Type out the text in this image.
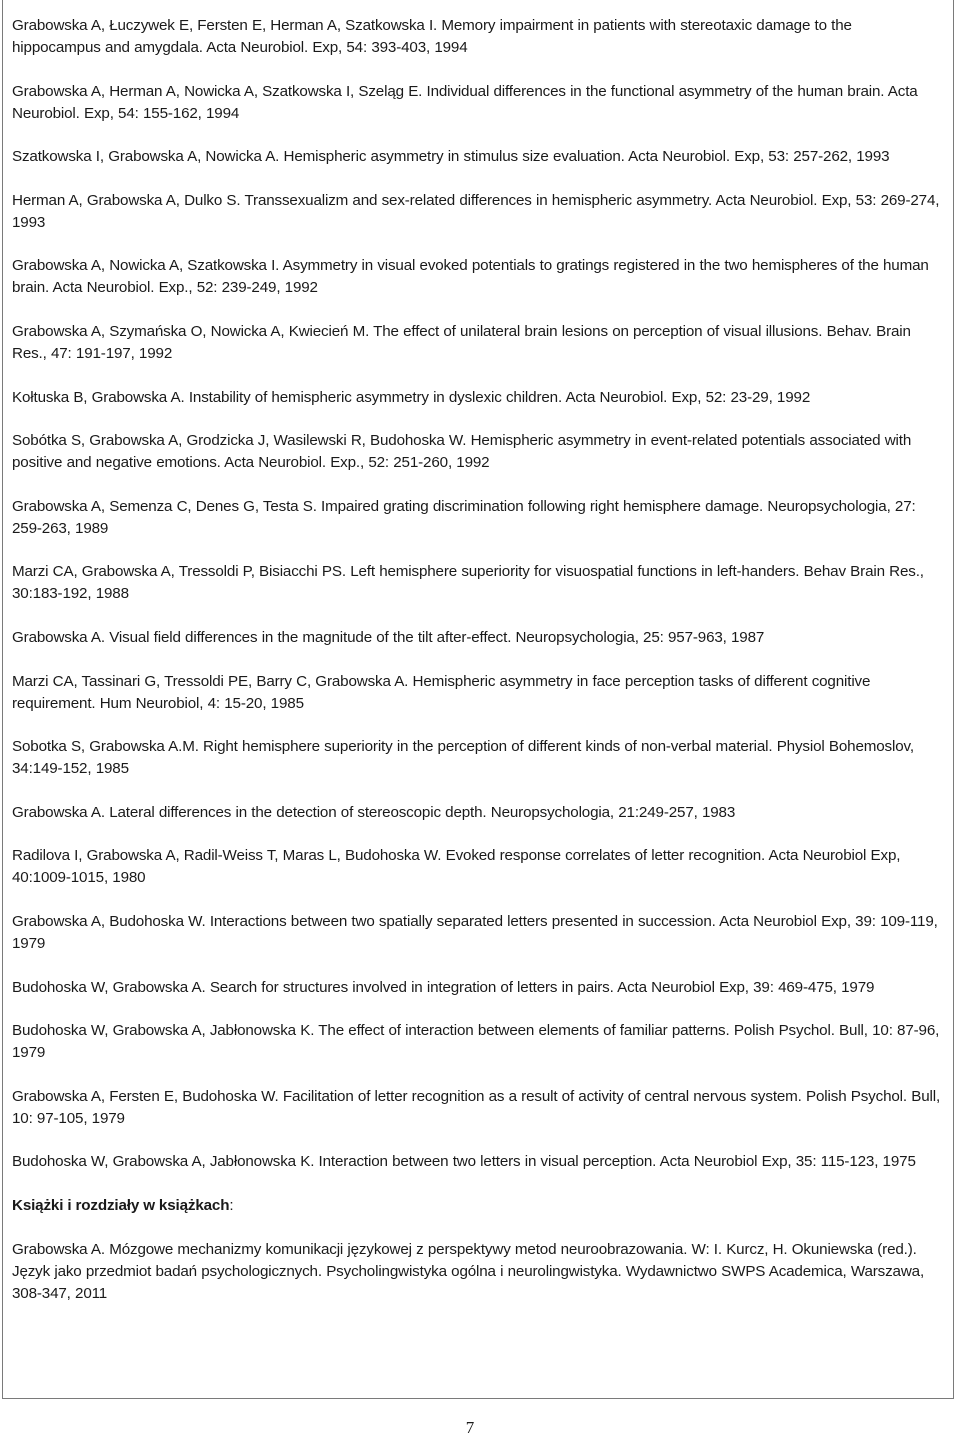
Grabowska A, Łuczywek E, Fersten E, Herman A, Szatkowska I. Memory impairment in patients with stereotaxic damage to the hippocampus and amygdala. Acta Neurobiol. Exp, 54: 393-403, 1994

Grabowska A, Herman A, Nowicka A, Szatkowska I, Szeląg E. Individual differences in the functional asymmetry of the human brain. Acta Neurobiol. Exp, 54: 155-162, 1994

Szatkowska I, Grabowska A, Nowicka A. Hemispheric asymmetry in stimulus size evaluation. Acta Neurobiol. Exp, 53: 257-262, 1993

Herman A, Grabowska A, Dulko S. Transsexualizm and sex-related differences in hemispheric asymmetry. Acta Neurobiol. Exp, 53: 269-274, 1993

Grabowska A, Nowicka A, Szatkowska I. Asymmetry in visual evoked potentials to gratings registered in the two hemispheres of the human brain. Acta Neurobiol. Exp., 52: 239-249, 1992

Grabowska A, Szymańska O, Nowicka A, Kwiecień M. The effect of unilateral brain lesions on perception of visual illusions. Behav. Brain Res., 47: 191-197, 1992

Kołtuska B, Grabowska A. Instability of hemispheric asymmetry in dyslexic children. Acta Neurobiol. Exp, 52: 23-29, 1992

Sobótka S, Grabowska A, Grodzicka J, Wasilewski R, Budohoska W. Hemispheric asymmetry in event-related potentials associated with positive and negative emotions. Acta Neurobiol. Exp., 52: 251-260, 1992

Grabowska A, Semenza C, Denes G, Testa S. Impaired grating discrimination following right hemisphere damage. Neuropsychologia, 27: 259-263, 1989

Marzi CA, Grabowska A, Tressoldi P, Bisiacchi PS. Left hemisphere superiority for visuospatial functions in left-handers. Behav Brain Res., 30:183-192, 1988

Grabowska A. Visual field differences in the magnitude of the tilt after-effect. Neuropsychologia, 25: 957-963, 1987

Marzi CA, Tassinari G, Tressoldi PE, Barry C, Grabowska A. Hemispheric asymmetry in face perception tasks of different cognitive requirement. Hum Neurobiol, 4: 15-20, 1985

Sobotka S, Grabowska A.M. Right hemisphere superiority in the perception of different kinds of non-verbal material. Physiol Bohemoslov, 34:149-152, 1985

Grabowska A. Lateral differences in the detection of stereoscopic depth. Neuropsychologia, 21:249-257, 1983

Radilova I, Grabowska A, Radil-Weiss T, Maras L, Budohoska W. Evoked response correlates of letter recognition. Acta Neurobiol Exp, 40:1009-1015, 1980

Grabowska A, Budohoska W. Interactions between two spatially separated letters presented in succession. Acta Neurobiol Exp, 39: 109-119, 1979

Budohoska W, Grabowska A. Search for structures involved in integration of letters in pairs. Acta Neurobiol Exp, 39: 469-475, 1979

Budohoska W, Grabowska A, Jabłonowska K. The effect of interaction between elements of familiar patterns. Polish Psychol. Bull, 10: 87-96, 1979

Grabowska A, Fersten E, Budohoska W. Facilitation of letter recognition as a result of activity of central nervous system. Polish Psychol. Bull, 10: 97-105, 1979

Budohoska W, Grabowska A, Jabłonowska K. Interaction between two letters in visual perception. Acta Neurobiol Exp, 35: 115-123, 1975

Książki i rozdziały w książkach:

Grabowska A. Mózgowe mechanizmy komunikacji językowej z perspektywy metod neuroobrazowania. W: I. Kurcz, H. Okuniewska (red.). Język jako przedmiot badań psychologicznych. Psycholingwistyka ogólna i neurolingwistyka. Wydawnictwo SWPS Academica, Warszawa, 308-347, 2011

7
